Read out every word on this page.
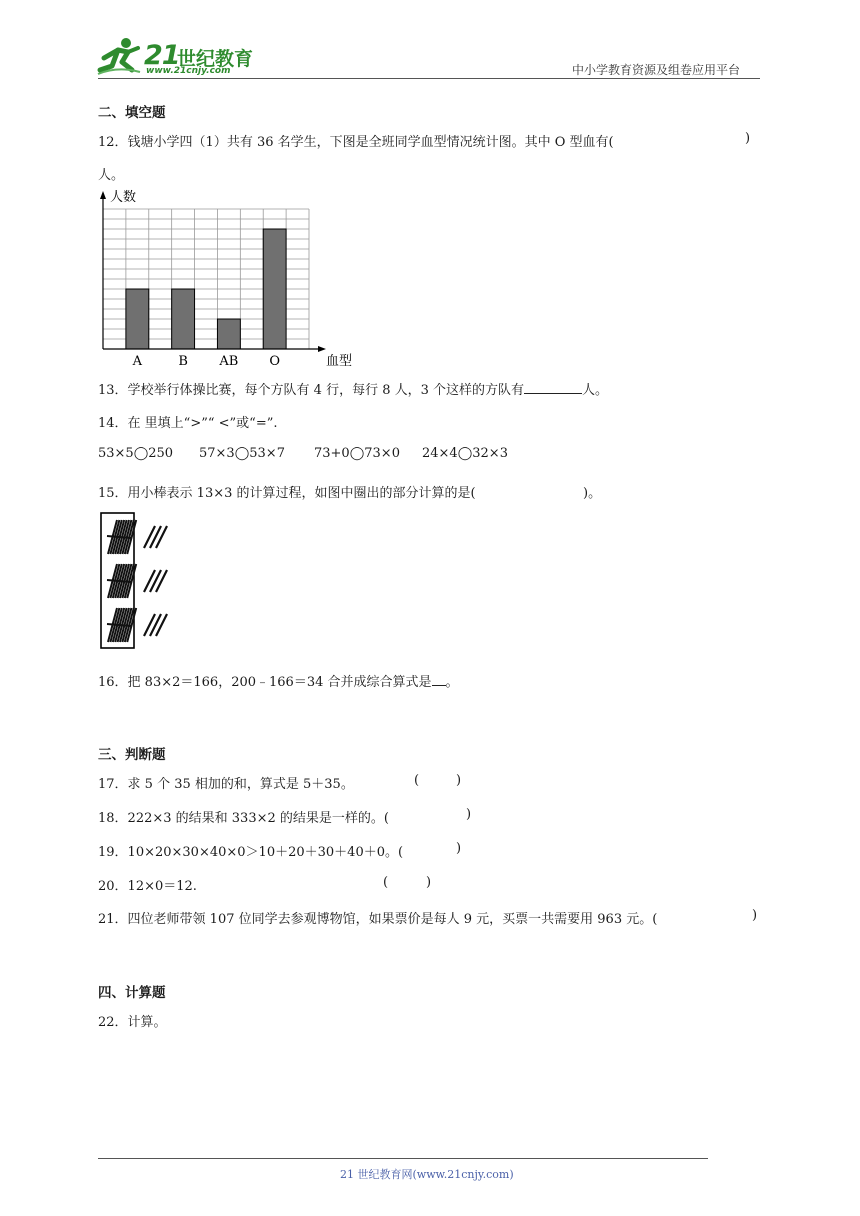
21
世纪教育
www.21cnjy.com	中小学教育资源及组卷应用平台
二、填空题
12．钱塘小学四（1）共有 36 名学生，下图是全班同学血型情况统计图。其中 O 型血有(	)
人。
A	B AB O
人数
血型
13．学校举行体操比赛，每个方队有 4 行，每行 8 人，3 个这样的方队有	人。
14．在 里填上“>”“ <”或“=”.
53×5◯250 57×3◯53×7 73+0◯73×0 24×4◯32×3
15．用小棒表示 13×3 的计算过程，如图中圈出的部分计算的是(	)。
16．把 83×2＝166，200﹣166＝34 合并成综合算式是 。
三、判断题
17．求 5 个 35 相加的和，算式是 5＋35。	(	)
18．222×3 的结果和 333×2 的结果是一样的。(	)
19．10×20×30×40×0＞10＋20＋30＋40＋0。(	)
20．12×0＝12.	(	)
21．四位老师带领 107 位同学去参观博物馆，如果票价是每人 9 元，买票一共需要用 963 元。(	)
四、计算题
22．计算。
21 世纪教育网(www.21cnjy.com)
